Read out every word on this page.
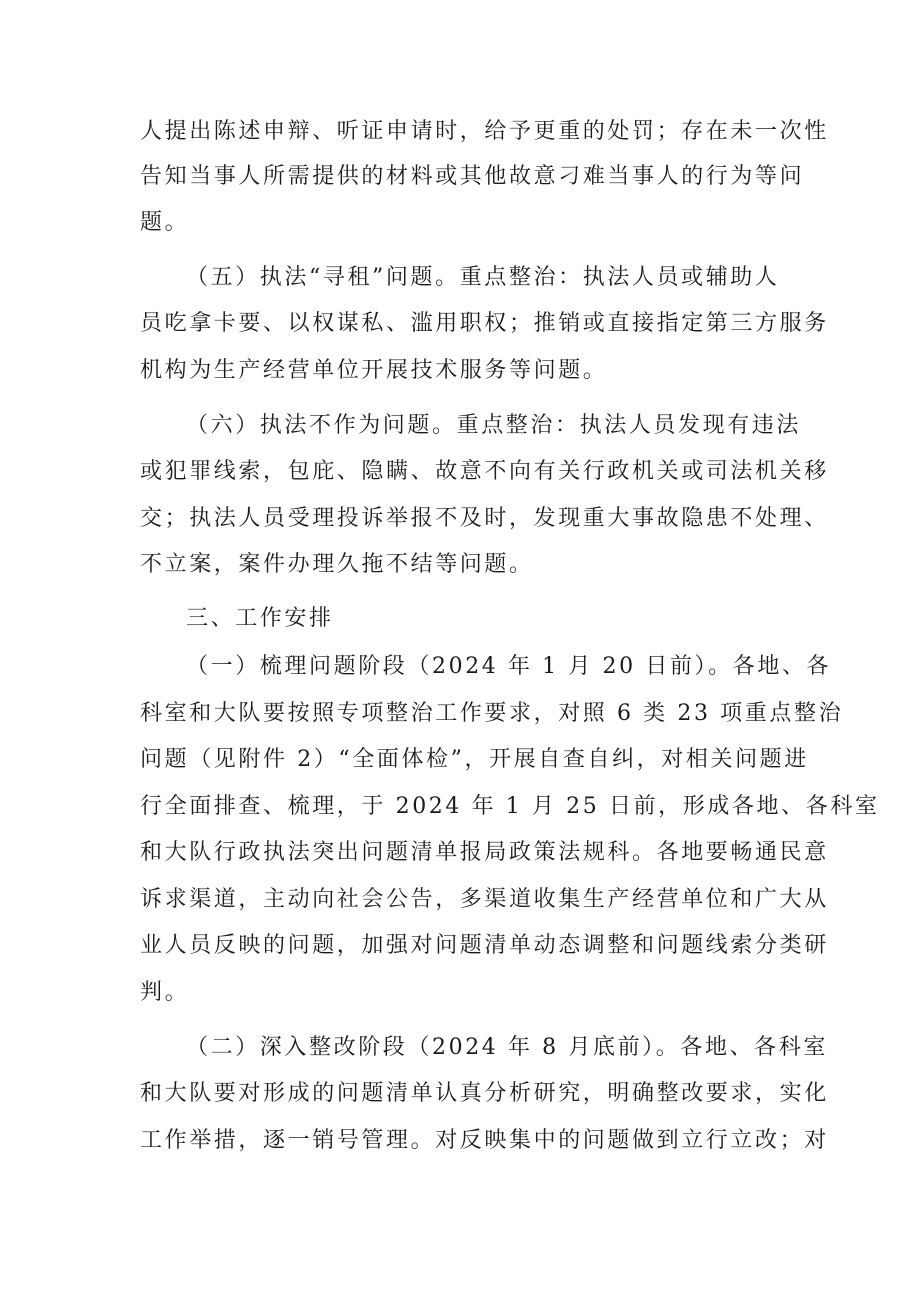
人提出陈述申辩、听证申请时，给予更重的处罚；存在未一次性
告知当事人所需提供的材料或其他故意刁难当事人的行为等问
题。
（五）执法“寻租”问题。重点整治：执法人员或辅助人
员吃拿卡要、以权谋私、滥用职权；推销或直接指定第三方服务
机构为生产经营单位开展技术服务等问题。
（六）执法不作为问题。重点整治：执法人员发现有违法
或犯罪线索，包庇、隐瞒、故意不向有关行政机关或司法机关移
交；执法人员受理投诉举报不及时，发现重大事故隐患不处理、
不立案，案件办理久拖不结等问题。
三、工作安排
（一）梳理问题阶段（2024 年 1 月 20 日前）。各地、各
科室和大队要按照专项整治工作要求，对照 6 类 23 项重点整治
问题（见附件 2）“全面体检”，开展自查自纠，对相关问题进
行全面排查、梳理，于 2024 年 1 月 25 日前，形成各地、各科室
和大队行政执法突出问题清单报局政策法规科。各地要畅通民意
诉求渠道，主动向社会公告，多渠道收集生产经营单位和广大从
业人员反映的问题，加强对问题清单动态调整和问题线索分类研
判。
（二）深入整改阶段（2024 年 8 月底前）。各地、各科室
和大队要对形成的问题清单认真分析研究，明确整改要求，实化
工作举措，逐一销号管理。对反映集中的问题做到立行立改；对
